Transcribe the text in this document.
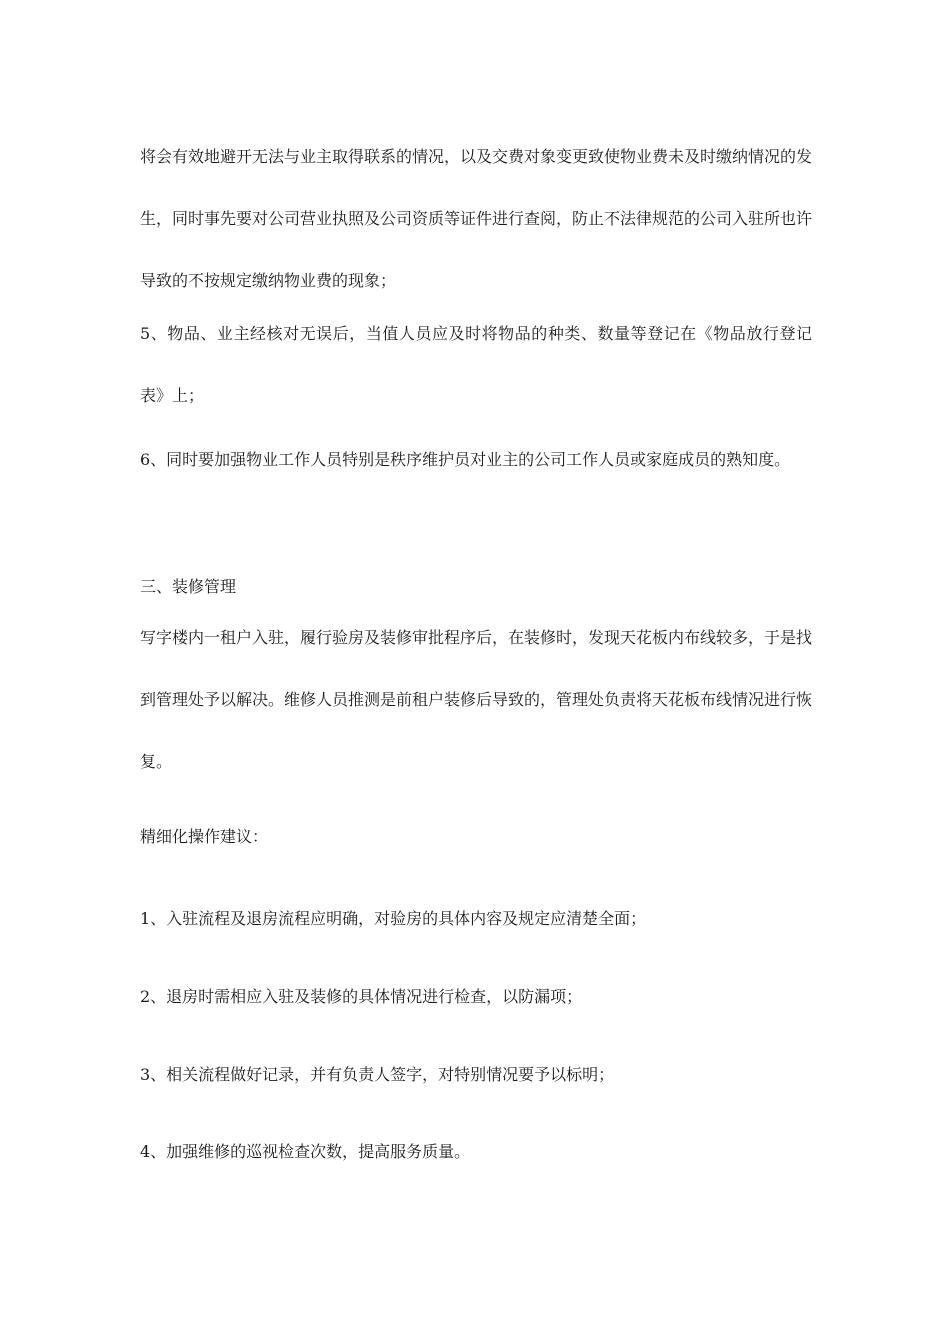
将会有效地避开无法与业主取得联系的情况，以及交费对象变更致使物业费未及时缴纳情况的发生，同时事先要对公司营业执照及公司资质等证件进行查阅，防止不法律规范的公司入驻所也许导致的不按规定缴纳物业费的现象；

5、物品、业主经核对无误后，当值人员应及时将物品的种类、数量等登记在《物品放行登记表》上；

6、同时要加强物业工作人员特别是秩序维护员对业主的公司工作人员或家庭成员的熟知度。

三、装修管理

写字楼内一租户入驻，履行验房及装修审批程序后，在装修时，发现天花板内布线较多，于是找到管理处予以解决。维修人员推测是前租户装修后导致的，管理处负责将天花板布线情况进行恢复。

精细化操作建议：

1、入驻流程及退房流程应明确，对验房的具体内容及规定应清楚全面；

2、退房时需相应入驻及装修的具体情况进行检查，以防漏项；

3、相关流程做好记录，并有负责人签字，对特别情况要予以标明；

4、加强维修的巡视检查次数，提高服务质量。
